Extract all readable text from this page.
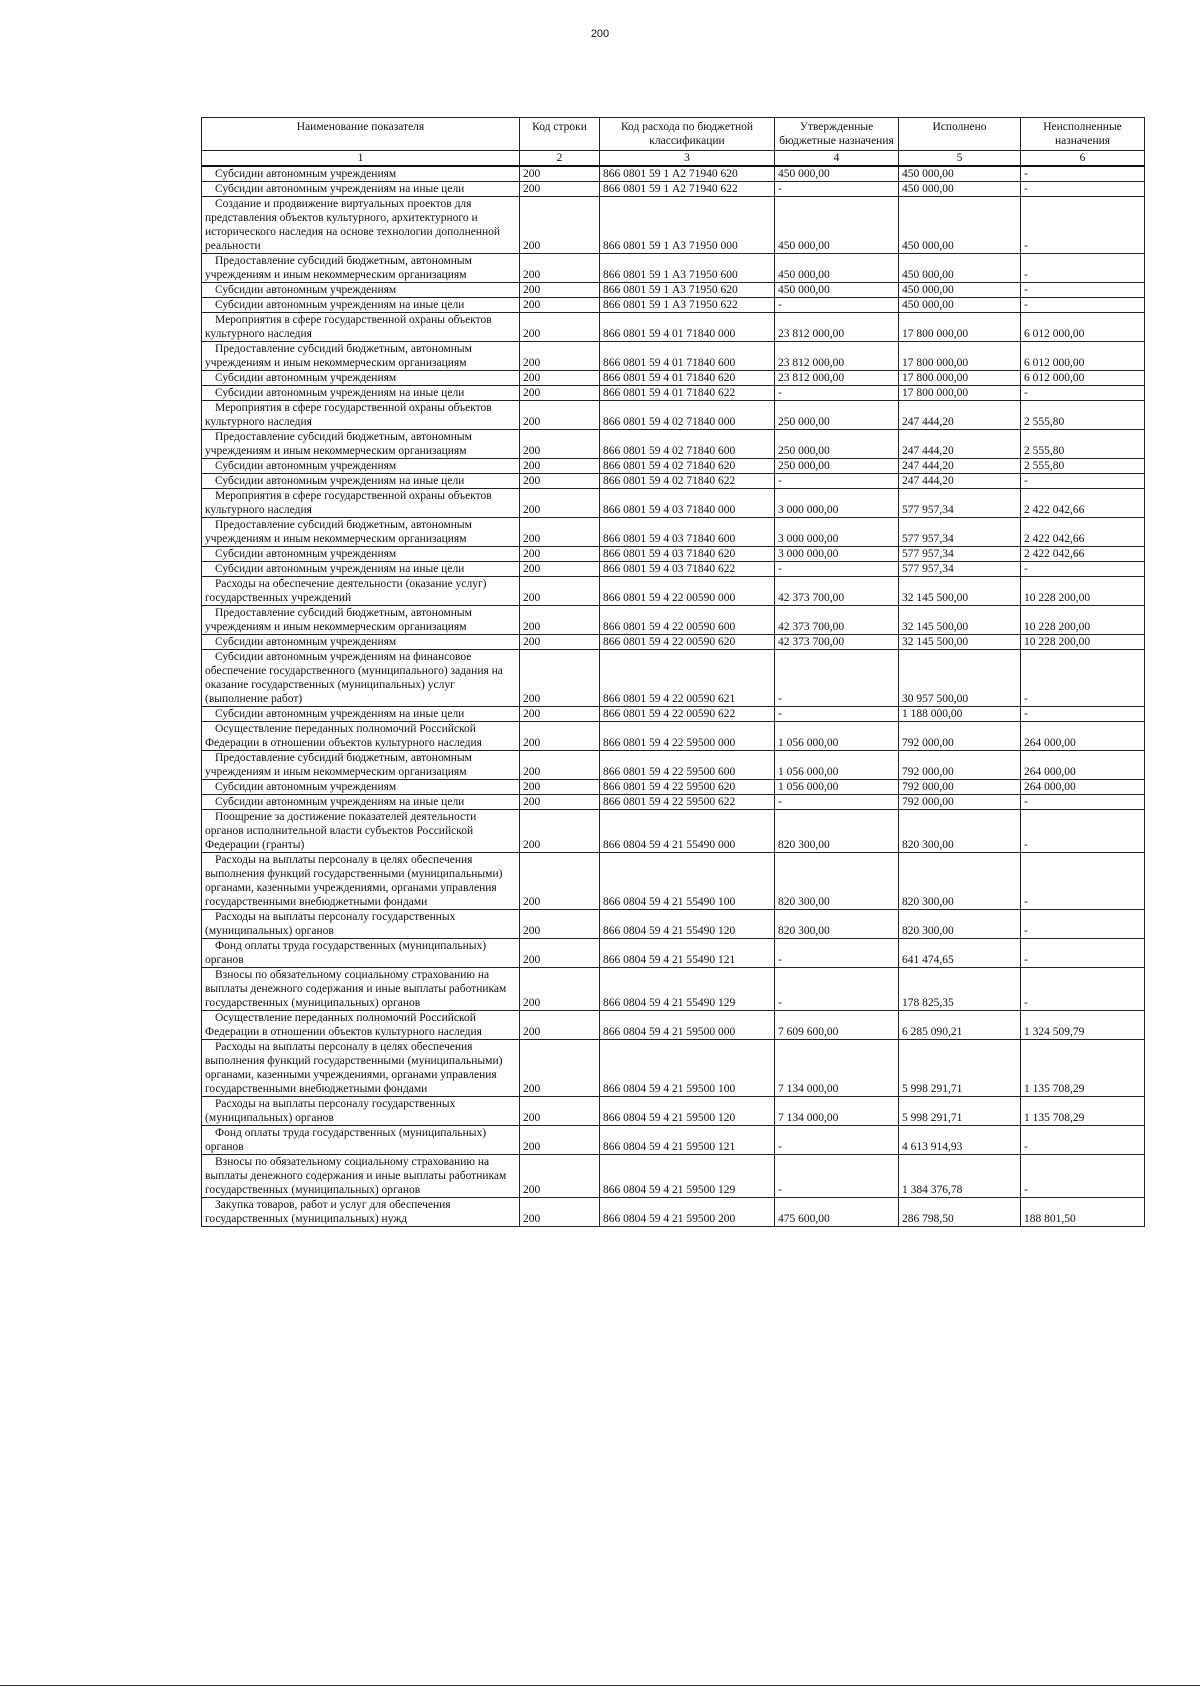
200
Наименование показателя	Код строки	Код расхода по бюджетной классификации	Утвержденные бюджетные назначения	Исполнено	Неисполненные назначения
1	2	3	4	5	6
Субсидии автономным учреждениям	200	866 0801 59 1 А2 71940 620	450 000,00	450 000,00	-
Субсидии автономным учреждениям на иные цели	200	866 0801 59 1 А2 71940 622	-	450 000,00	-
Создание и продвижение виртуальных проектов для представления объектов культурного, архитектурного и исторического наследия на основе технологии дополненной реальности	200	866 0801 59 1 А3 71950 000	450 000,00	450 000,00	-
Предоставление субсидий бюджетным, автономным учреждениям и иным некоммерческим организациям	200	866 0801 59 1 А3 71950 600	450 000,00	450 000,00	-
Субсидии автономным учреждениям	200	866 0801 59 1 А3 71950 620	450 000,00	450 000,00	-
Субсидии автономным учреждениям на иные цели	200	866 0801 59 1 А3 71950 622	-	450 000,00	-
Мероприятия в сфере государственной охраны объектов культурного наследия	200	866 0801 59 4 01 71840 000	23 812 000,00	17 800 000,00	6 012 000,00
Предоставление субсидий бюджетным, автономным учреждениям и иным некоммерческим организациям	200	866 0801 59 4 01 71840 600	23 812 000,00	17 800 000,00	6 012 000,00
Субсидии автономным учреждениям	200	866 0801 59 4 01 71840 620	23 812 000,00	17 800 000,00	6 012 000,00
Субсидии автономным учреждениям на иные цели	200	866 0801 59 4 01 71840 622	-	17 800 000,00	-
Мероприятия в сфере государственной охраны объектов культурного наследия	200	866 0801 59 4 02 71840 000	250 000,00	247 444,20	2 555,80
Предоставление субсидий бюджетным, автономным учреждениям и иным некоммерческим организациям	200	866 0801 59 4 02 71840 600	250 000,00	247 444,20	2 555,80
Субсидии автономным учреждениям	200	866 0801 59 4 02 71840 620	250 000,00	247 444,20	2 555,80
Субсидии автономным учреждениям на иные цели	200	866 0801 59 4 02 71840 622	-	247 444,20	-
Мероприятия в сфере государственной охраны объектов культурного наследия	200	866 0801 59 4 03 71840 000	3 000 000,00	577 957,34	2 422 042,66
Предоставление субсидий бюджетным, автономным учреждениям и иным некоммерческим организациям	200	866 0801 59 4 03 71840 600	3 000 000,00	577 957,34	2 422 042,66
Субсидии автономным учреждениям	200	866 0801 59 4 03 71840 620	3 000 000,00	577 957,34	2 422 042,66
Субсидии автономным учреждениям на иные цели	200	866 0801 59 4 03 71840 622	-	577 957,34	-
Расходы на обеспечение деятельности (оказание услуг) государственных учреждений	200	866 0801 59 4 22 00590 000	42 373 700,00	32 145 500,00	10 228 200,00
Предоставление субсидий бюджетным, автономным учреждениям и иным некоммерческим организациям	200	866 0801 59 4 22 00590 600	42 373 700,00	32 145 500,00	10 228 200,00
Субсидии автономным учреждениям	200	866 0801 59 4 22 00590 620	42 373 700,00	32 145 500,00	10 228 200,00
Субсидии автономным учреждениям на финансовое обеспечение государственного (муниципального) задания на оказание государственных (муниципальных) услуг (выполнение работ)	200	866 0801 59 4 22 00590 621	-	30 957 500,00	-
Субсидии автономным учреждениям на иные цели	200	866 0801 59 4 22 00590 622	-	1 188 000,00	-
Осуществление переданных полномочий Российской Федерации в отношении объектов культурного наследия	200	866 0801 59 4 22 59500 000	1 056 000,00	792 000,00	264 000,00
Предоставление субсидий бюджетным, автономным учреждениям и иным некоммерческим организациям	200	866 0801 59 4 22 59500 600	1 056 000,00	792 000,00	264 000,00
Субсидии автономным учреждениям	200	866 0801 59 4 22 59500 620	1 056 000,00	792 000,00	264 000,00
Субсидии автономным учреждениям на иные цели	200	866 0801 59 4 22 59500 622	-	792 000,00	-
Поощрение за достижение показателей деятельности органов исполнительной власти субъектов Российской Федерации (гранты)	200	866 0804 59 4 21 55490 000	820 300,00	820 300,00	-
Расходы на выплаты персоналу в целях обеспечения выполнения функций государственными (муниципальными) органами, казенными учреждениями, органами управления государственными внебюджетными фондами	200	866 0804 59 4 21 55490 100	820 300,00	820 300,00	-
Расходы на выплаты персоналу государственных (муниципальных) органов	200	866 0804 59 4 21 55490 120	820 300,00	820 300,00	-
Фонд оплаты труда государственных (муниципальных) органов	200	866 0804 59 4 21 55490 121	-	641 474,65	-
Взносы по обязательному социальному страхованию на выплаты денежного содержания и иные выплаты работникам государственных (муниципальных) органов	200	866 0804 59 4 21 55490 129	-	178 825,35	-
Осуществление переданных полномочий Российской Федерации в отношении объектов культурного наследия	200	866 0804 59 4 21 59500 000	7 609 600,00	6 285 090,21	1 324 509,79
Расходы на выплаты персоналу в целях обеспечения выполнения функций государственными (муниципальными) органами, казенными учреждениями, органами управления государственными внебюджетными фондами	200	866 0804 59 4 21 59500 100	7 134 000,00	5 998 291,71	1 135 708,29
Расходы на выплаты персоналу государственных (муниципальных) органов	200	866 0804 59 4 21 59500 120	7 134 000,00	5 998 291,71	1 135 708,29
Фонд оплаты труда государственных (муниципальных) органов	200	866 0804 59 4 21 59500 121	-	4 613 914,93	-
Взносы по обязательному социальному страхованию на выплаты денежного содержания и иные выплаты работникам государственных (муниципальных) органов	200	866 0804 59 4 21 59500 129	-	1 384 376,78	-
Закупка товаров, работ и услуг для обеспечения государственных (муниципальных) нужд	200	866 0804 59 4 21 59500 200	475 600,00	286 798,50	188 801,50
